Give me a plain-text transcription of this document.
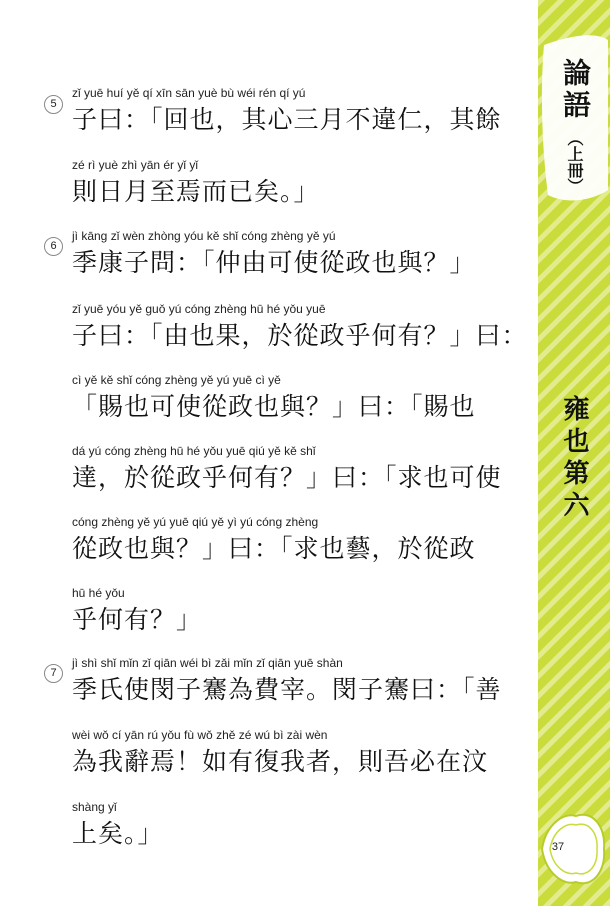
5
zǐ yuē huí yě qí xīn sān yuè bù wéi rén qí yú
子曰：「回也，其心三月不違仁，其餘
zé rì yuè zhì yān ér yǐ yǐ
則日月至焉而已矣。」
6
jì kāng zǐ wèn zhòng yóu kě shǐ cóng zhèng yě yú
季康子問：「仲由可使從政也與？」
zǐ yuē yóu yě guǒ yú cóng zhèng hū hé yǒu yuē
子曰：「由也果，於從政乎何有？」曰：
cì yě kě shǐ cóng zhèng yě yú yuē cì yě
「賜也可使從政也與？」曰：「賜也
dá yú cóng zhèng hū hé yǒu yuē qiú yě kě shǐ
達，於從政乎何有？」曰：「求也可使
cóng zhèng yě yú yuē qiú yě yì yú cóng zhèng
從政也與？」曰：「求也藝，於從政
hū hé yǒu
乎何有？」
7
jì shì shǐ mǐn zǐ qiān wéi bì zǎi mǐn zǐ qiān yuē shàn
季氏使閔子騫為費宰。閔子騫曰：「善
wèi wǒ cí yān rú yǒu fù wǒ zhě zé wú bì zài wèn
為我辭焉！如有復我者，則吾必在汶
shàng yǐ
上矣。」
論語
（上冊）
雍也第六
37
